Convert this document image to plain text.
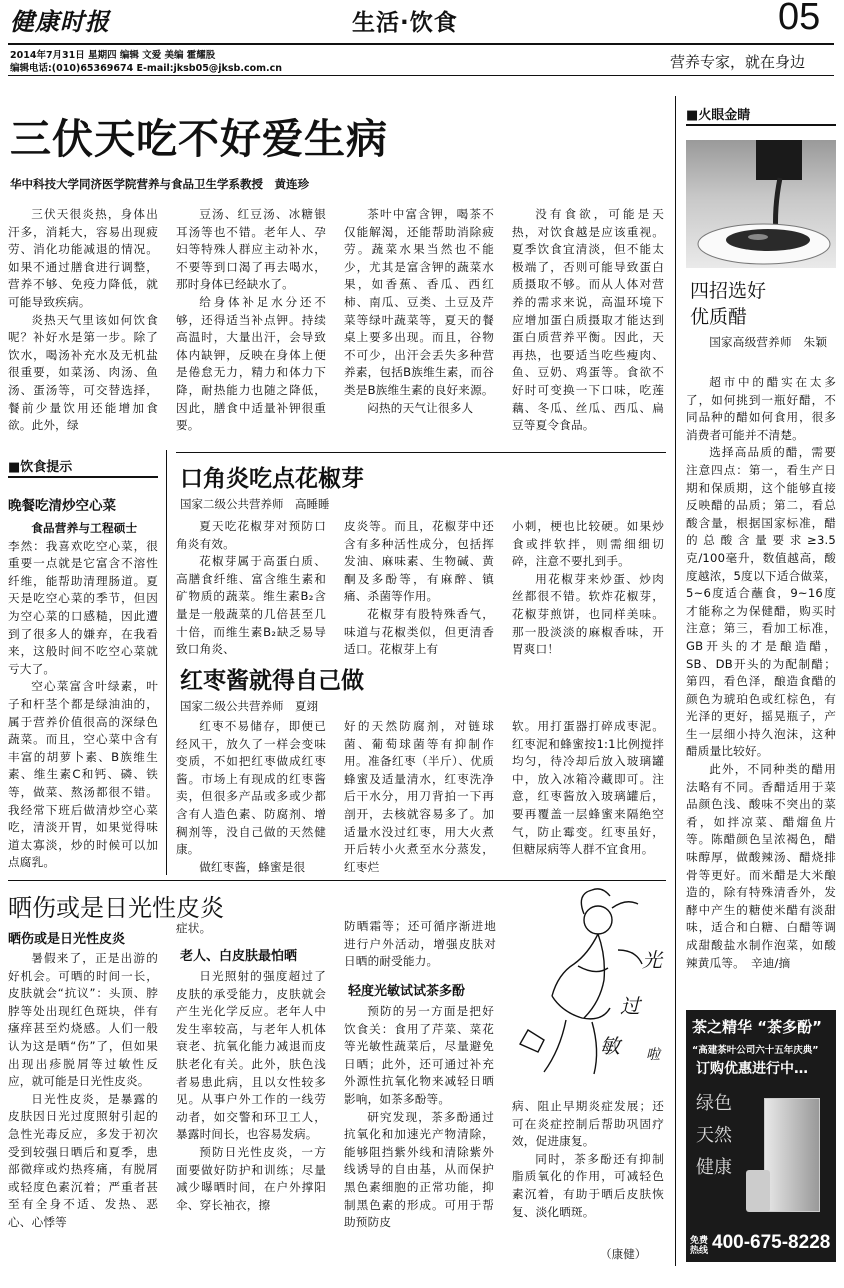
健康时报	生活·饮食	05
2014年7月31日 星期四 编辑 文爱 美编 霍耀股
编辑电话:(010)65369674 E-mail:jksb05@jksb.com.cn	营养专家，就在身边
三伏天吃不好爱生病
华中科技大学同济医学院营养与食品卫生学系教授　黄连珍

三伏天很炎热，身体出汗多，消耗大，容易出现疲劳、消化功能减退的情况。如果不通过膳食进行调整，营养不够、免疫力降低，就可能导致疾病。

炎热天气里该如何饮食呢？补好水是第一步。除了饮水，喝汤补充水及无机盐很重要，如菜汤、肉汤、鱼汤、蛋汤等，可交替选择，餐前少量饮用还能增加食欲。此外，绿

豆汤、红豆汤、冰糖银耳汤等也不错。老年人、孕妇等特殊人群应主动补水，不要等到口渴了再去喝水，那时身体已经缺水了。

给身体补足水分还不够，还得适当补点钾。持续高温时，大量出汗，会导致体内缺钾，反映在身体上便是倦怠无力，精力和体力下降，耐热能力也随之降低，因此，膳食中适量补钾很重要。

茶叶中富含钾，喝茶不仅能解渴，还能帮助消除疲劳。蔬菜水果当然也不能少，尤其是富含钾的蔬菜水果，如香蕉、香瓜、西红柿、南瓜、豆类、土豆及芹菜等绿叶蔬菜等，夏天的餐桌上要多出现。而且，谷物不可少，出汗会丢失多种营养素，包括B族维生素，而谷类是B族维生素的良好来源。

闷热的天气让很多人

没有食欲，可能是天热，对饮食越是应该重视。夏季饮食宜清淡，但不能太极端了，否则可能导致蛋白质摄取不够。而从人体对营养的需求来说，高温环境下应增加蛋白质摄取才能达到蛋白质营养平衡。因此，天再热，也要适当吃些瘦肉、鱼、豆奶、鸡蛋等。食欲不好时可变换一下口味，吃莲藕、冬瓜、丝瓜、西瓜、扁豆等夏令食品。

■饮食提示
晚餐吃清炒空心菜

食品营养与工程硕士

李然：我喜欢吃空心菜，很重要一点就是它富含不溶性纤维，能帮助清理肠道。夏天是吃空心菜的季节，但因为空心菜的口感糙，因此遭到了很多人的嫌弃，在我看来，这般时间不吃空心菜就亏大了。

空心菜富含叶绿素，叶子和杆茎个都是绿油油的，属于营养价值很高的深绿色蔬菜。而且，空心菜中含有丰富的胡萝卜素、B族维生素、维生素C和钙、磷、铁等，做菜、熬汤都很不错。我经常下班后做清炒空心菜吃，清淡开胃，如果觉得味道太寡淡，炒的时候可以加点腐乳。

口角炎吃点花椒芽
国家二级公共营养师　高睡睡

夏天吃花椒芽对预防口角炎有效。

花椒芽属于高蛋白质、高膳食纤维、富含维生素和矿物质的蔬菜。维生素B₂含量是一般蔬菜的几倍甚至几十倍，而维生素B₂缺乏易导致口角炎、

皮炎等。而且，花椒芽中还含有多种活性成分，包括挥发油、麻味素、生物碱、黄酮及多酚等，有麻醉、镇痛、杀菌等作用。

花椒芽有股特殊香气，味道与花椒类似，但更清香适口。花椒芽上有

小刺，梗也比较硬。如果炒食或拌软拌，则需细细切碎，注意不要扎到手。

用花椒芽来炒蛋、炒肉丝都很不错。软炸花椒芽，花椒芽煎饼，也同样美味。那一股淡淡的麻椒香味，开胃爽口！

红枣酱就得自己做
国家二级公共营养师　夏翊

红枣不易储存，即便已经风干，放久了一样会变味变质，不如把红枣做成红枣酱。市场上有现成的红枣酱卖，但很多产品或多或少都含有人造色素、防腐剂、增稠剂等，没自己做的天然健康。

做红枣酱，蜂蜜是很

好的天然防腐剂，对链球菌、葡萄球菌等有抑制作用。准备红枣（半斤）、优质蜂蜜及适量清水，红枣洗净后干水分，用刀背拍一下再剖开，去核就容易多了。加适量水没过红枣，用大火煮开后转小火煮至水分蒸发，红枣烂

软。用打蛋器打碎成枣泥。红枣泥和蜂蜜按1:1比例搅拌均匀，待冷却后放入玻璃罐中，放入冰箱冷藏即可。注意，红枣酱放入玻璃罐后，要再覆盖一层蜂蜜来隔绝空气，防止霉变。红枣虽好，但糖尿病等人群不宜食用。

晒伤或是日光性皮炎
晒伤或是日光性皮炎

暑假来了，正是出游的好机会。可晒的时间一长，皮肤就会“抗议”：头顶、脖脖等处出现红色斑块，伴有瘙痒甚至灼烧感。人们一般认为这是晒“伤”了，但如果出现出疹脱屑等过敏性反应，就可能是日光性皮炎。

日光性皮炎，是暴露的皮肤因日光过度照射引起的急性光毒反应，多发于初次受到较强日晒后和夏季，患部微痒或灼热疼痛，有脱屑或轻度色素沉着；严重者甚至有全身不适、发热、恶心、心悸等

症状。

老人、白皮肤最怕晒

日光照射的强度超过了皮肤的承受能力，皮肤就会产生光化学反应。老年人中发生率较高，与老年人机体衰老、抗氧化能力减退而皮肤老化有关。此外，肤色浅者易患此病，且以女性较多见。从事户外工作的一线劳动者，如交警和环卫工人，暴露时间长，也容易发病。

预防日光性皮炎，一方面要做好防护和训练；尽量减少曝晒时间，在户外撑阳伞、穿长袖衣，擦

防晒霜等；还可循序渐进地进行户外活动，增强皮肤对日晒的耐受能力。

轻度光敏试试茶多酚

预防的另一方面是把好饮食关：食用了芹菜、菜花等光敏性蔬菜后，尽量避免日晒；此外，还可通过补充外源性抗氧化物来减轻日晒影响，如茶多酚等。

研究发现，茶多酚通过抗氧化和加速光产物清除，能够阻挡紫外线和清除紫外线诱导的自由基，从而保护黑色素细胞的正常功能，抑制黑色素的形成。可用于帮助预防皮

光
过
敏 啦

病、阻止早期炎症发展；还可在炎症控制后帮助巩固疗效，促进康复。

同时，茶多酚还有抑制脂质氧化的作用，可减轻色素沉着，有助于晒后皮肤恢复、淡化晒斑。

（康健）
■火眼金睛
四招选好
优质醋

国家高级营养师　朱颖

超市中的醋实在太多了，如何挑到一瓶好醋，不同品种的醋如何食用，很多消费者可能并不清楚。

选择高品质的醋，需要注意四点：第一，看生产日期和保质期，这个能够直接反映醋的品质；第二，看总酸含量，根据国家标准，醋的总酸含量要求≥3.5克/100毫升，数值越高，酸度越浓，5度以下适合做菜，5~6度适合蘸食，9~16度才能称之为保健醋，购买时注意；第三，看加工标准，GB开头的才是酿造醋，SB、DB开头的为配制醋；第四，看色泽，酿造食醋的颜色为琥珀色或红棕色，有光泽的更好，摇晃瓶子，产生一层细小持久泡沫，这种醋质量比较好。

此外，不同种类的醋用法略有不同。香醋适用于菜品颜色浅、酸味不突出的菜肴，如拌凉菜、醋熘鱼片等。陈醋颜色呈浓褐色，醋味醇厚，做酸辣汤、醋烧排骨等更好。而米醋是大米酿造的，除有特殊清香外，发酵中产生的糖使米醋有淡甜味，适合和白糖、白醋等调成甜酸盐水制作泡菜，如酸辣黄瓜等。　辛迪/摘

茶之精华 “茶多酚”
“高建茶叶公司六十五年庆典”
订购优惠进行中…
绿色
天然
健康
免费
热线 400-675-8228
